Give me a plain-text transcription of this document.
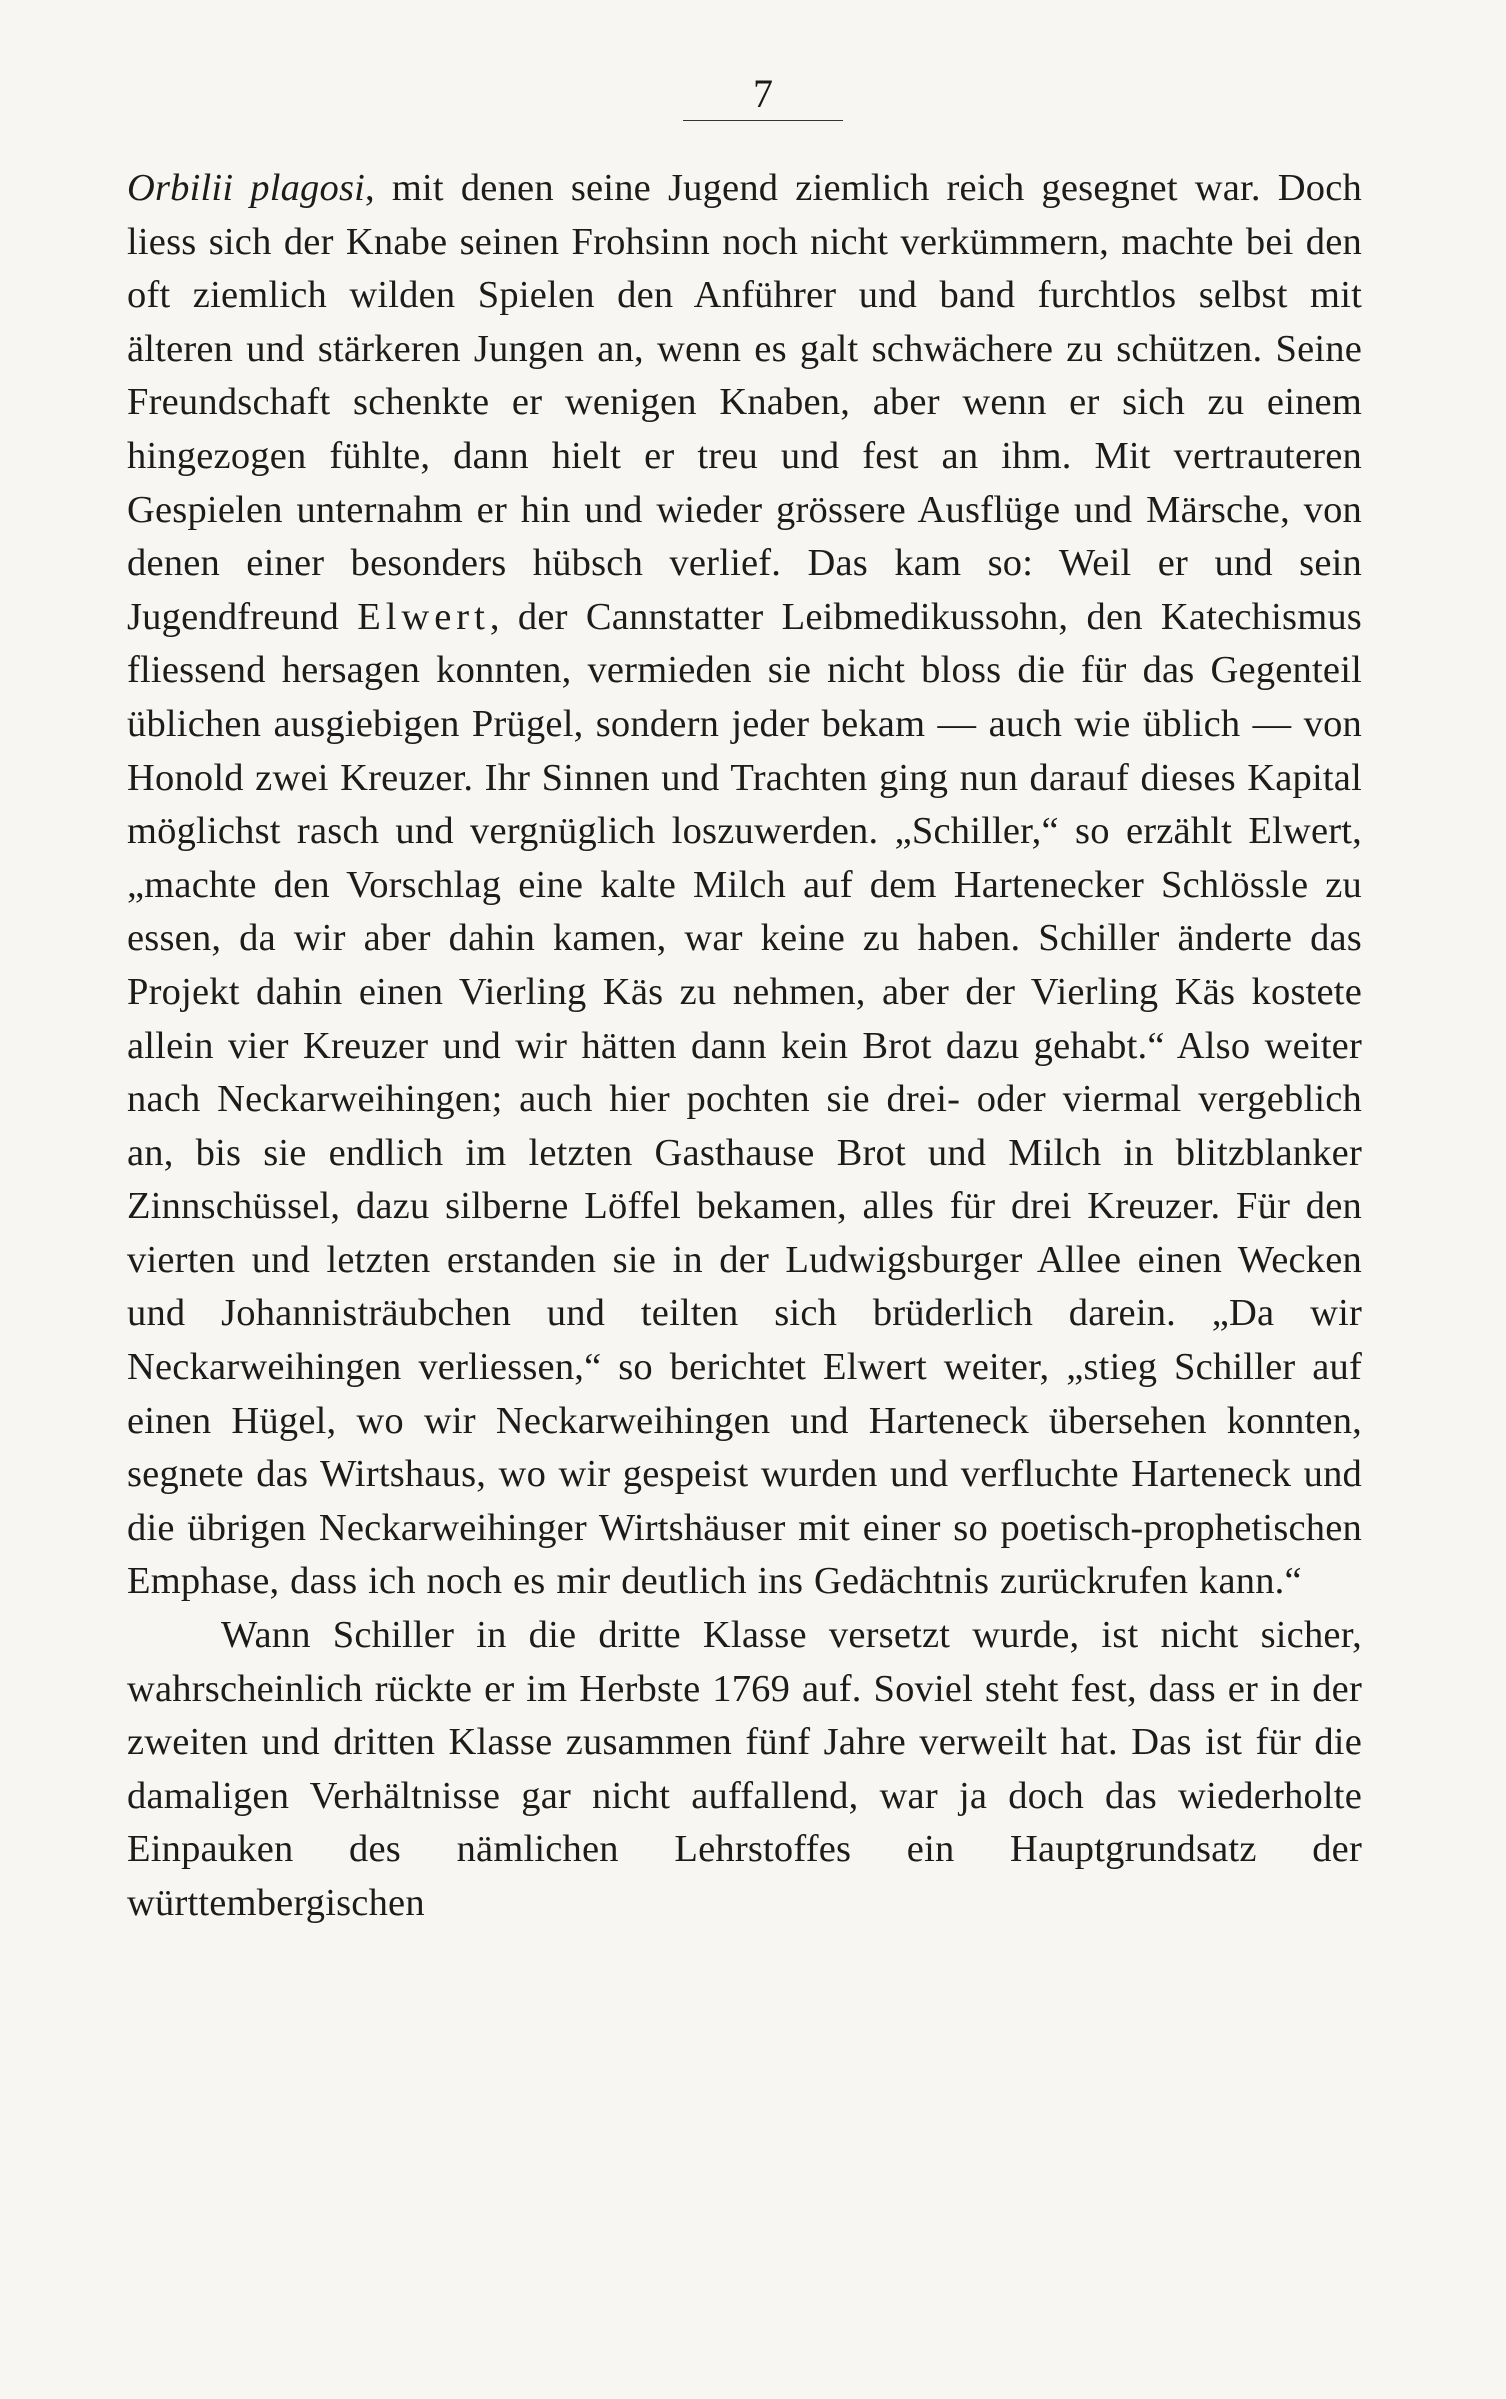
7

Orbilii plagosi, mit denen seine Jugend ziemlich reich gesegnet war. Doch liess sich der Knabe seinen Frohsinn noch nicht verkümmern, machte bei den oft ziemlich wilden Spielen den Anführer und band furchtlos selbst mit älteren und stärkeren Jungen an, wenn es galt schwächere zu schützen. Seine Freundschaft schenkte er wenigen Knaben, aber wenn er sich zu einem hingezogen fühlte, dann hielt er treu und fest an ihm. Mit vertrauteren Gespielen unternahm er hin und wieder grössere Ausflüge und Märsche, von denen einer besonders hübsch verlief. Das kam so: Weil er und sein Jugendfreund Elwert, der Cannstatter Leibmedikussohn, den Katechismus fliessend hersagen konnten, vermieden sie nicht bloss die für das Gegenteil üblichen ausgiebigen Prügel, sondern jeder bekam — auch wie üblich — von Honold zwei Kreuzer. Ihr Sinnen und Trachten ging nun darauf dieses Kapital möglichst rasch und vergnüglich loszuwerden. „Schiller,“ so erzählt Elwert, „machte den Vorschlag eine kalte Milch auf dem Hartenecker Schlössle zu essen, da wir aber dahin kamen, war keine zu haben. Schiller änderte das Projekt dahin einen Vierling Käs zu nehmen, aber der Vierling Käs kostete allein vier Kreuzer und wir hätten dann kein Brot dazu gehabt.“ Also weiter nach Neckarweihingen; auch hier pochten sie drei- oder viermal vergeblich an, bis sie endlich im letzten Gasthause Brot und Milch in blitzblanker Zinnschüssel, dazu silberne Löffel bekamen, alles für drei Kreuzer. Für den vierten und letzten erstanden sie in der Ludwigsburger Allee einen Wecken und Johannisträubchen und teilten sich brüderlich darein. „Da wir Neckarweihingen verliessen,“ so berichtet Elwert weiter, „stieg Schiller auf einen Hügel, wo wir Neckarweihingen und Harteneck übersehen konnten, segnete das Wirtshaus, wo wir gespeist wurden und verfluchte Harteneck und die übrigen Neckarweihinger Wirtshäuser mit einer so poetisch-prophetischen Emphase, dass ich noch es mir deutlich ins Gedächtnis zurückrufen kann.“

Wann Schiller in die dritte Klasse versetzt wurde, ist nicht sicher, wahrscheinlich rückte er im Herbste 1769 auf. Soviel steht fest, dass er in der zweiten und dritten Klasse zusammen fünf Jahre verweilt hat. Das ist für die damaligen Verhältnisse gar nicht auffallend, war ja doch das wiederholte Einpauken des nämlichen Lehrstoffes ein Hauptgrundsatz der württembergischen
